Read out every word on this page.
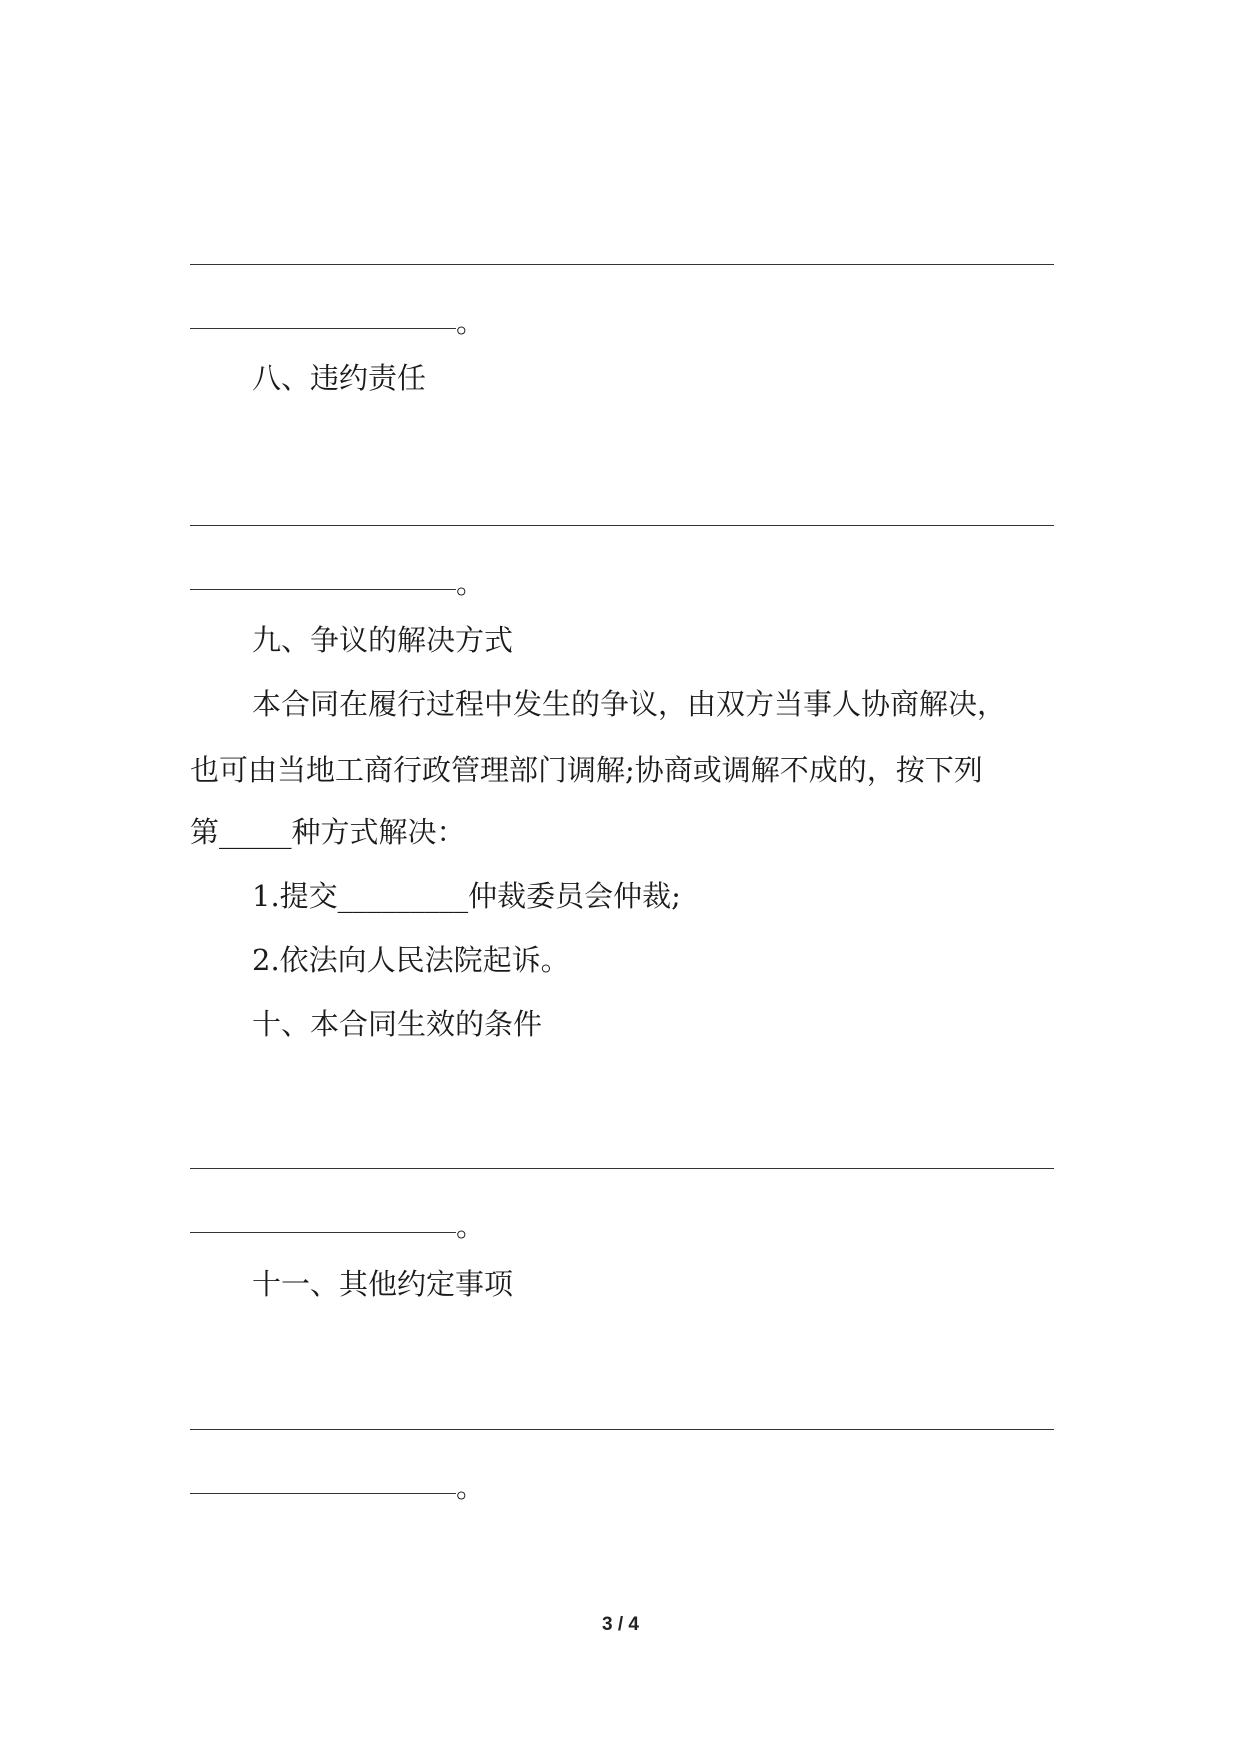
。
八、违约责任
。
九、争议的解决方式
本合同在履行过程中发生的争议，由双方当事人协商解决，
也可由当地工商行政管理部门调解;协商或调解不成的，按下列
第_____种方式解决：
1.提交_________仲裁委员会仲裁;
2.依法向人民法院起诉。
十、本合同生效的条件
。
十一、其他约定事项
。
3 / 4
